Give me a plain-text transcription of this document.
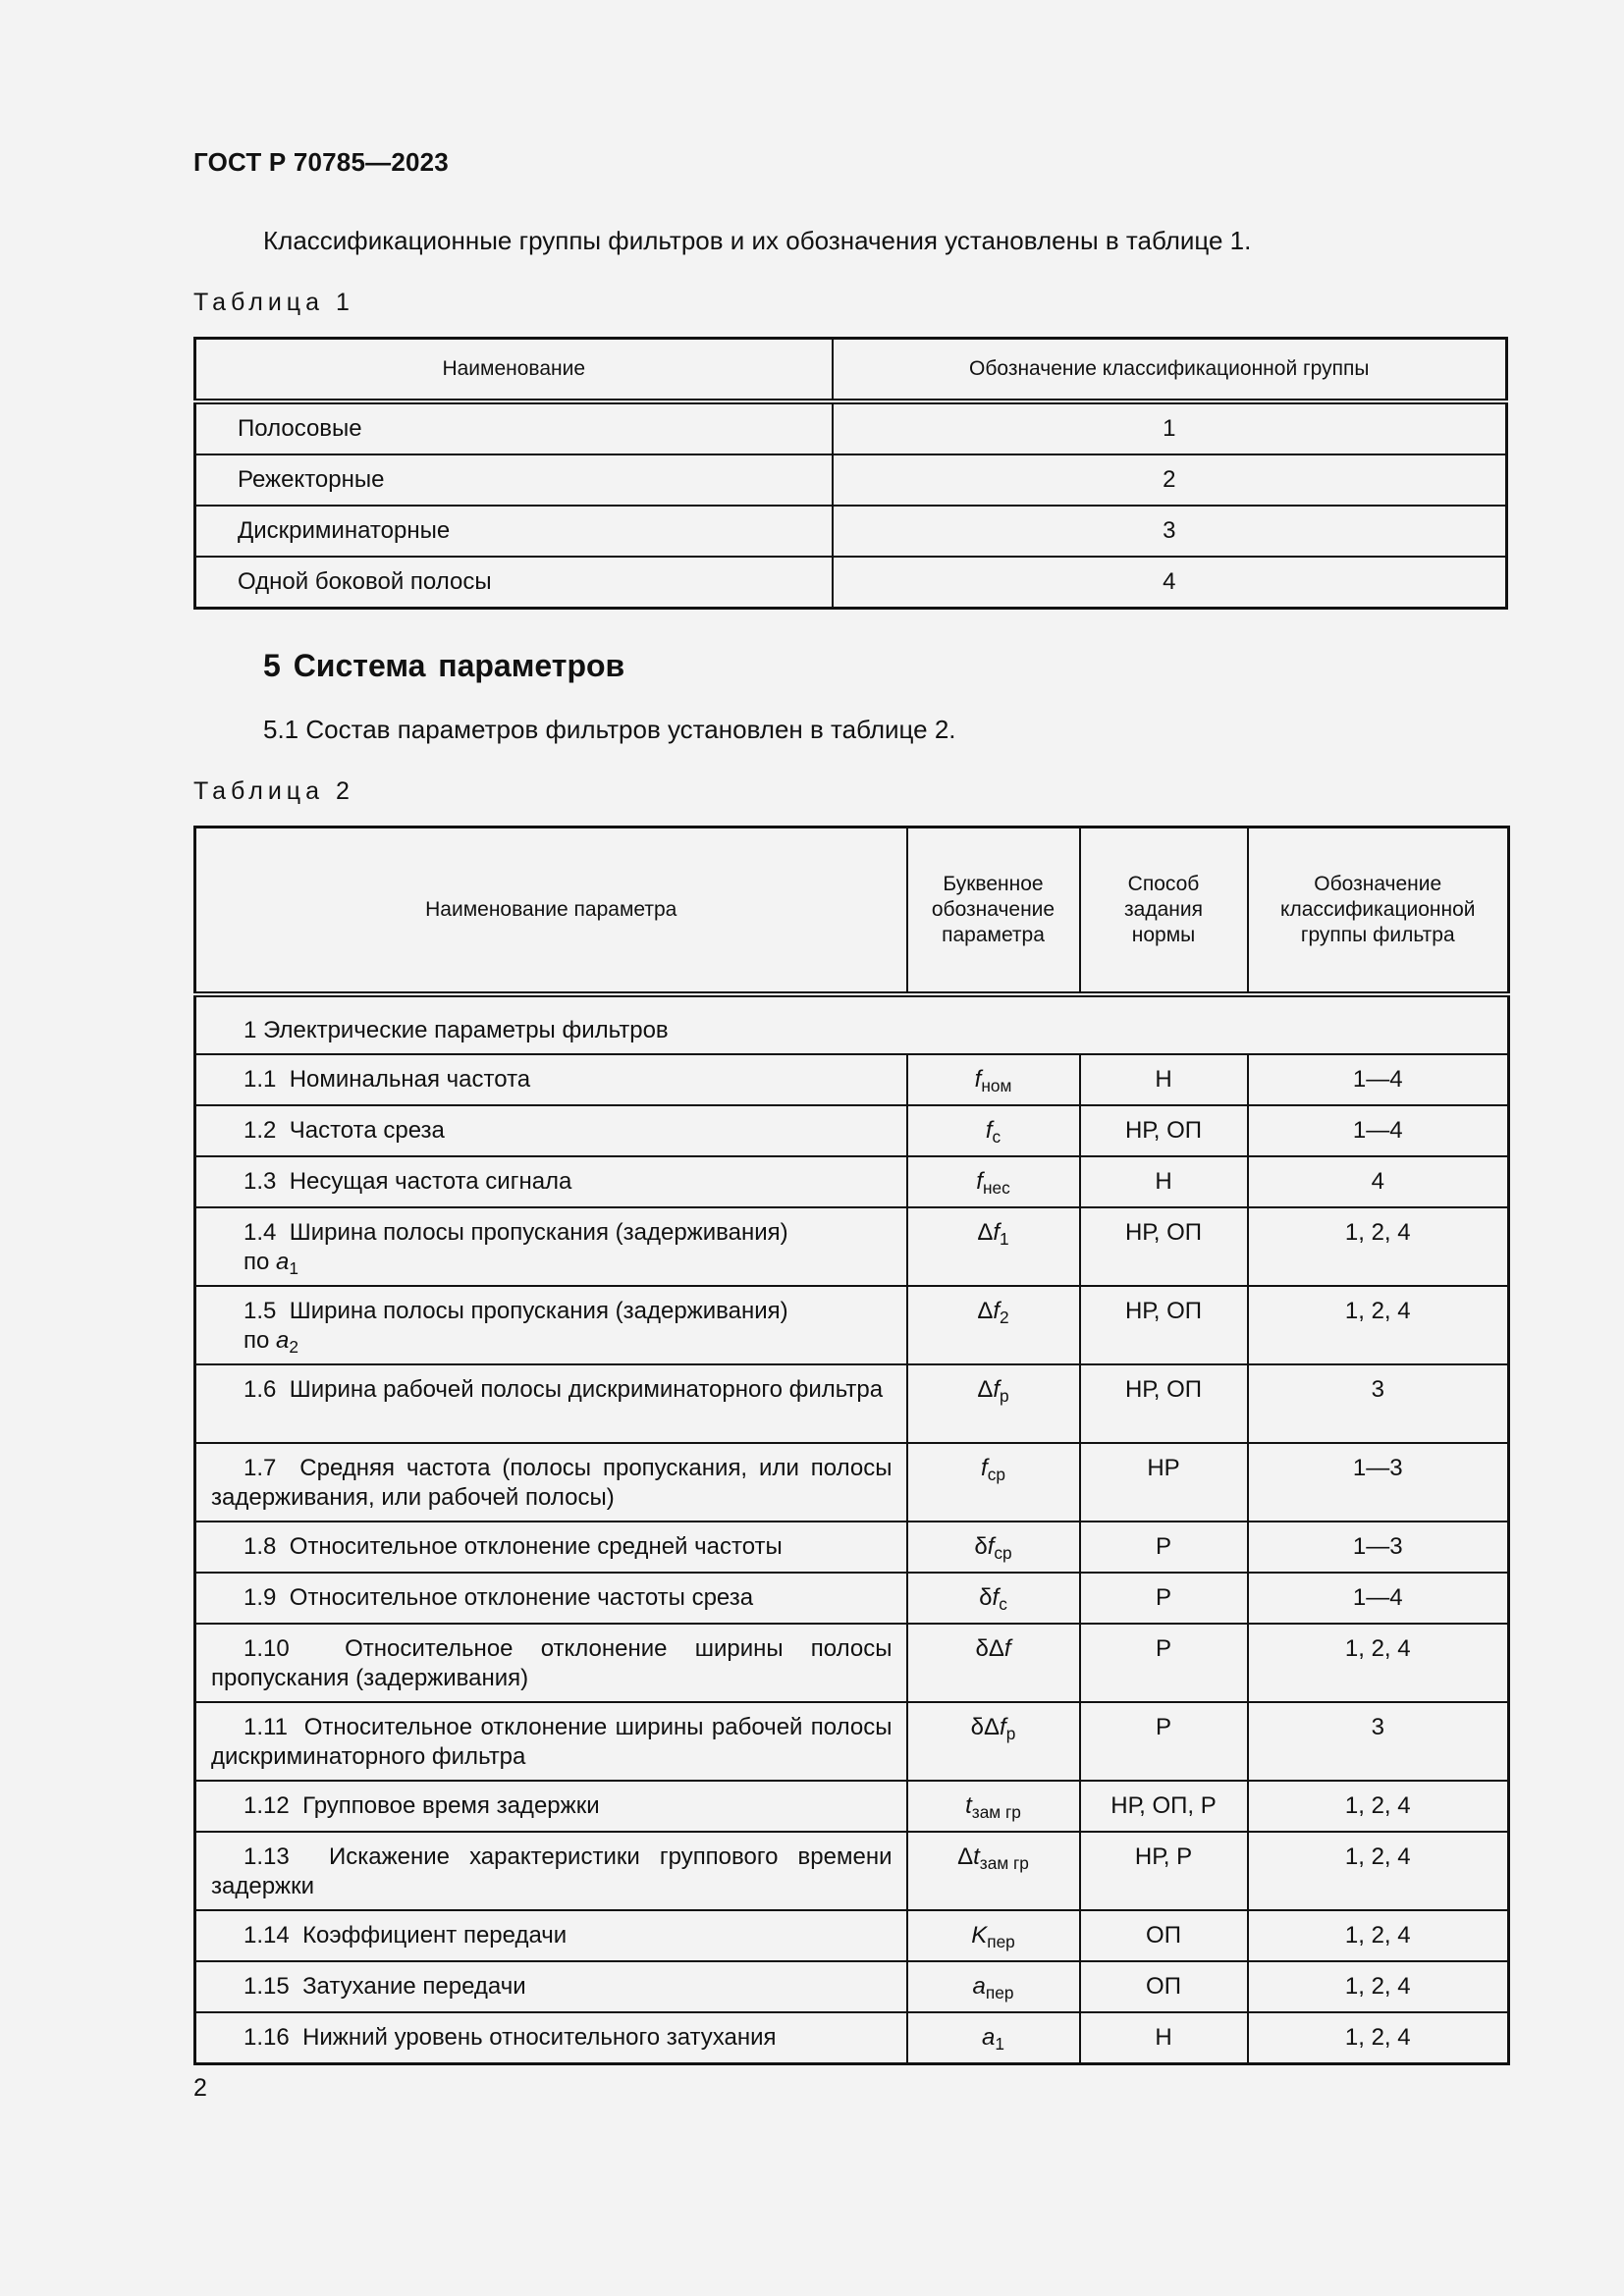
ГОСТ Р 70785—2023
Классификационные группы фильтров и их обозначения установлены в таблице 1.
Таблица 1
Наименование	Обозначение классификационной группы
Полосовые	1
Режекторные	2
Дискриминаторные	3
Одной боковой полосы	4
5 Система параметров
5.1 Состав параметров фильтров установлен в таблице 2.
Таблица 2
Наименование параметра	Буквенное обозначение параметра	Способ задания нормы	Обозначение классификационной группы фильтра

1 Электрические параметры фильтров			
1.1 Номинальная частота	$f_{ном}$	Н	1—4
1.2 Частота среза	$f_с$	НР, ОП	1—4
1.3 Несущая частота сигнала	$f_{нес}$	Н	4
1.4 Ширина полосы пропускания (задерживания)
по $a_1$	$\Delta f_1$	НР, ОП	1, 2, 4
1.5 Ширина полосы пропускания (задерживания)
по $a_2$	$\Delta f_2$	НР, ОП	1, 2, 4
1.6 Ширина рабочей полосы дискриминаторного фильтра	$\Delta f_р$	НР, ОП	3
1.7 Средняя частота (полосы пропускания, или полосы задерживания, или рабочей полосы)	$f_{ср}$	НР	1—3
1.8 Относительное отклонение средней частоты	$\delta f_{ср}$	Р	1—3
1.9 Относительное отклонение частоты среза	$\delta f_с$	Р	1—4
1.10 Относительное отклонение ширины полосы пропускания (задерживания)	δΔf	Р	1, 2, 4
1.11 Относительное отклонение ширины рабочей полосы дискриминаторного фильтра	δΔf$_р$	Р	3
1.12 Групповое время задержки	$t_{зам гр}$	НР, ОП, Р	1, 2, 4
1.13 Искажение характеристики группового времени задержки	$\Delta t_{зам гр}$	НР, Р	1, 2, 4
1.14 Коэффициент передачи	$K_{пер}$	ОП	1, 2, 4
1.15 Затухание передачи	$a_{пер}$	ОП	1, 2, 4
1.16 Нижний уровень относительного затухания	$a_1$	Н	1, 2, 4
2
